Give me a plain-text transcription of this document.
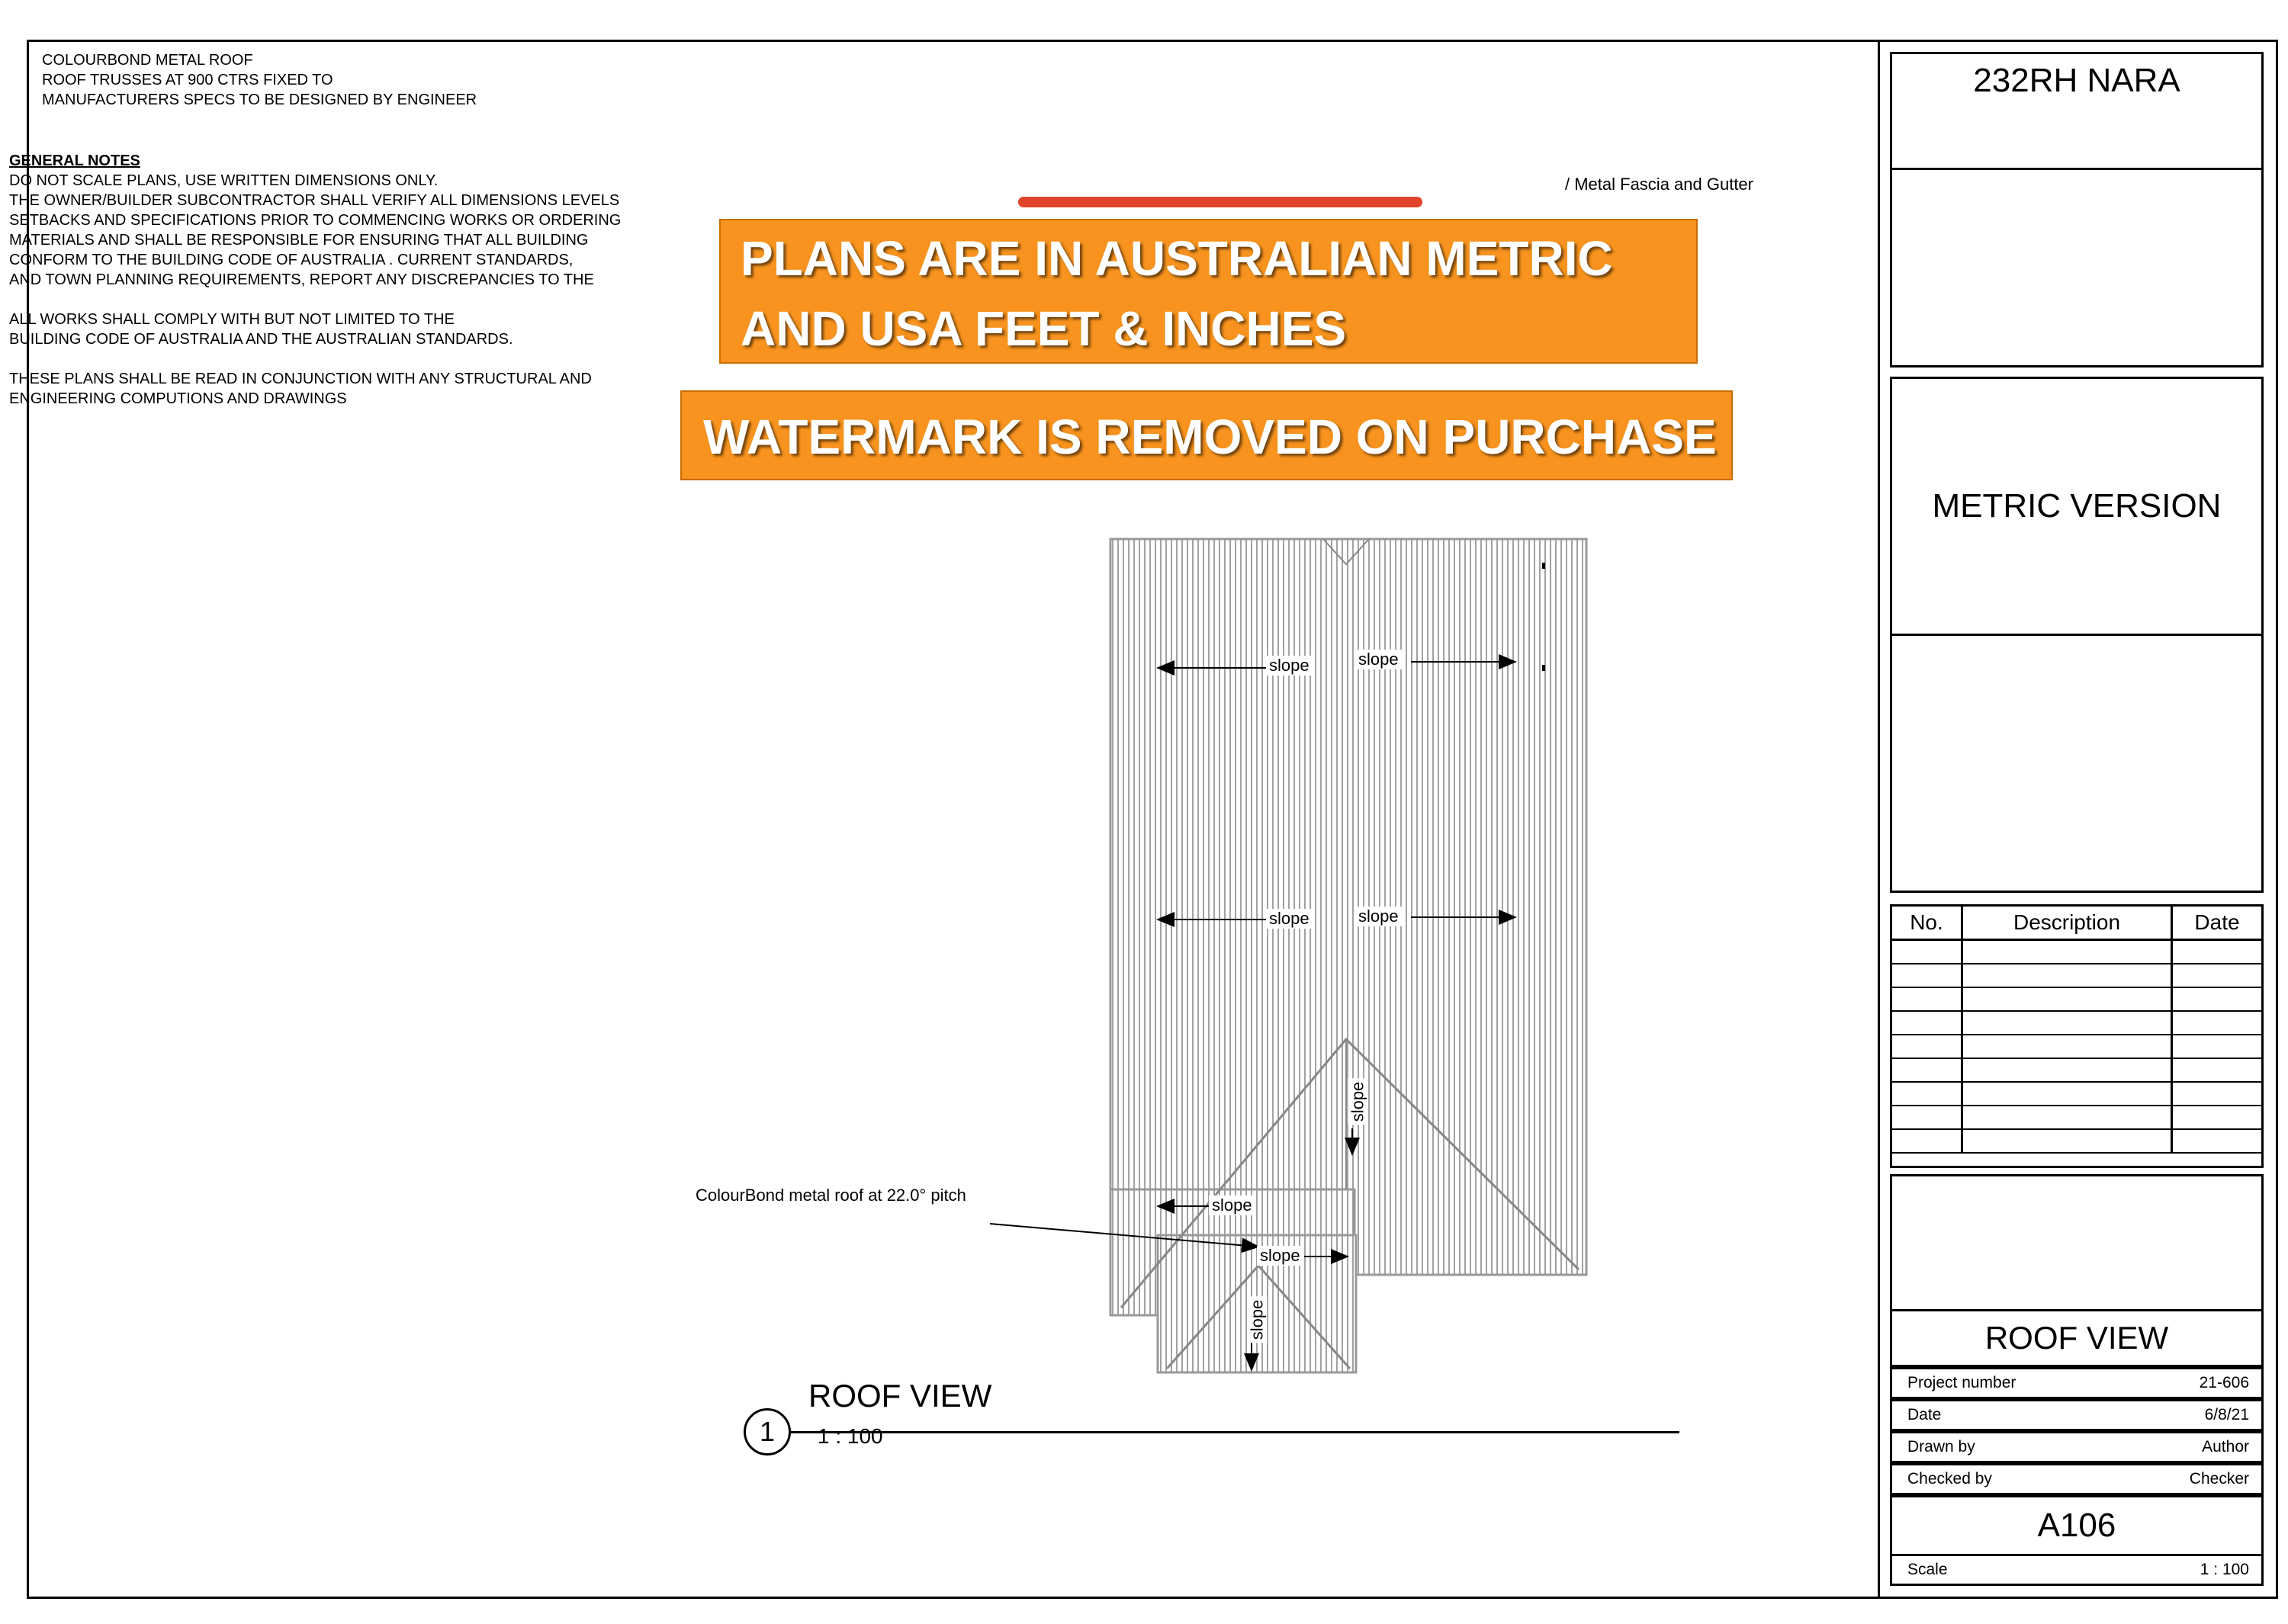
COLOURBOND METAL ROOF
ROOF TRUSSES AT 900 CTRS FIXED TO
MANUFACTURERS SPECS TO BE DESIGNED BY ENGINEER
GENERAL NOTES
DO NOT SCALE PLANS, USE WRITTEN DIMENSIONS ONLY.
THE OWNER/BUILDER SUBCONTRACTOR SHALL VERIFY ALL DIMENSIONS LEVELS
SETBACKS AND SPECIFICATIONS PRIOR TO COMMENCING WORKS OR ORDERING
MATERIALS AND SHALL BE RESPONSIBLE FOR ENSURING THAT ALL BUILDING
CONFORM TO THE BUILDING CODE OF AUSTRALIA . CURRENT STANDARDS,
AND TOWN PLANNING REQUIREMENTS, REPORT ANY DISCREPANCIES TO THE
ALL WORKS SHALL COMPLY WITH BUT NOT LIMITED TO THE
BUILDING CODE OF AUSTRALIA AND THE AUSTRALIAN STANDARDS.
THESE PLANS SHALL BE READ IN CONJUNCTION WITH ANY STRUCTURAL AND
ENGINEERING COMPUTIONS AND DRAWINGS
/ Metal Fascia and Gutter
slope	slope
slope	slope
slope
slope
slope
slope
ColourBond metal roof at 22.0° pitch
PLANS ARE IN AUSTRALIAN METRIC
AND USA FEET & INCHES
WATERMARK IS REMOVED ON PURCHASE
1
ROOF VIEW
1 : 100
232RH NARA
METRIC VERSION
No.	Description	Date
ROOF VIEW
Project number	21-606
Date	6/8/21
Drawn by	Author
Checked by	Checker
A106
Scale	1 : 100
